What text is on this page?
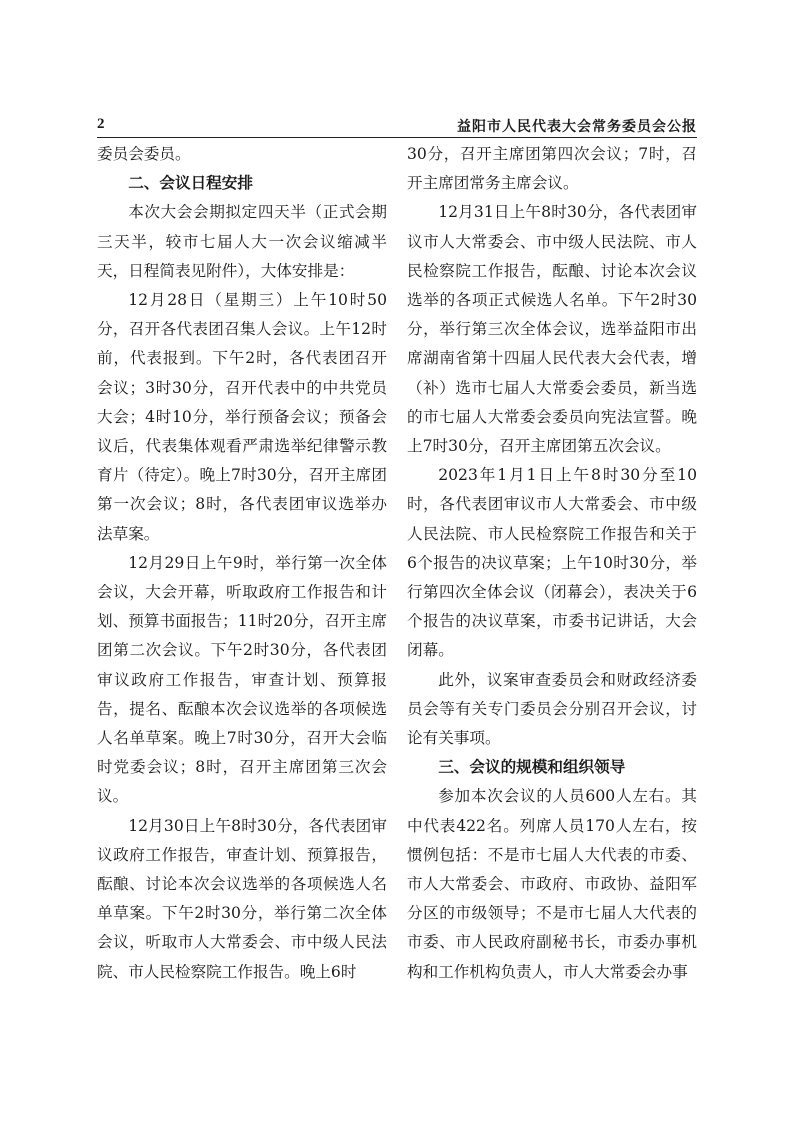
2	益阳市人民代表大会常务委员会公报

委员会委员。

二、会议日程安排

本次大会会期拟定四天半（正式会期三天半，较市七届人大一次会议缩减半天，日程简表见附件），大体安排是：

12月28日（星期三）上午10时50分，召开各代表团召集人会议。上午12时前，代表报到。下午2时，各代表团召开会议；3时30分，召开代表中的中共党员大会；4时10分，举行预备会议；预备会议后，代表集体观看严肃选举纪律警示教育片（待定）。晚上7时30分，召开主席团第一次会议；8时，各代表团审议选举办法草案。

12月29日上午9时，举行第一次全体会议，大会开幕，听取政府工作报告和计划、预算书面报告；11时20分，召开主席团第二次会议。下午2时30分，各代表团审议政府工作报告，审查计划、预算报告，提名、酝酿本次会议选举的各项候选人名单草案。晚上7时30分，召开大会临时党委会议；8时，召开主席团第三次会议。

12月30日上午8时30分，各代表团审议政府工作报告，审查计划、预算报告，酝酿、讨论本次会议选举的各项候选人名单草案。下午2时30分，举行第二次全体会议，听取市人大常委会、市中级人民法院、市人民检察院工作报告。晚上6时

30分，召开主席团第四次会议；7时，召开主席团常务主席会议。

12月31日上午8时30分，各代表团审议市人大常委会、市中级人民法院、市人民检察院工作报告，酝酿、讨论本次会议选举的各项正式候选人名单。下午2时30分，举行第三次全体会议，选举益阳市出席湖南省第十四届人民代表大会代表，增（补）选市七届人大常委会委员，新当选的市七届人大常委会委员向宪法宣誓。晚上7时30分，召开主席团第五次会议。

2023年1月1日上午8时30分至10时，各代表团审议市人大常委会、市中级人民法院、市人民检察院工作报告和关于6个报告的决议草案；上午10时30分，举行第四次全体会议（闭幕会），表决关于6个报告的决议草案，市委书记讲话，大会闭幕。

此外，议案审查委员会和财政经济委员会等有关专门委员会分别召开会议，讨论有关事项。

三、会议的规模和组织领导

参加本次会议的人员600人左右。其中代表422名。列席人员170人左右，按惯例包括：不是市七届人大代表的市委、市人大常委会、市政府、市政协、益阳军分区的市级领导；不是市七届人大代表的市委、市人民政府副秘书长，市委办事机构和工作机构负责人，市人大常委会办事
